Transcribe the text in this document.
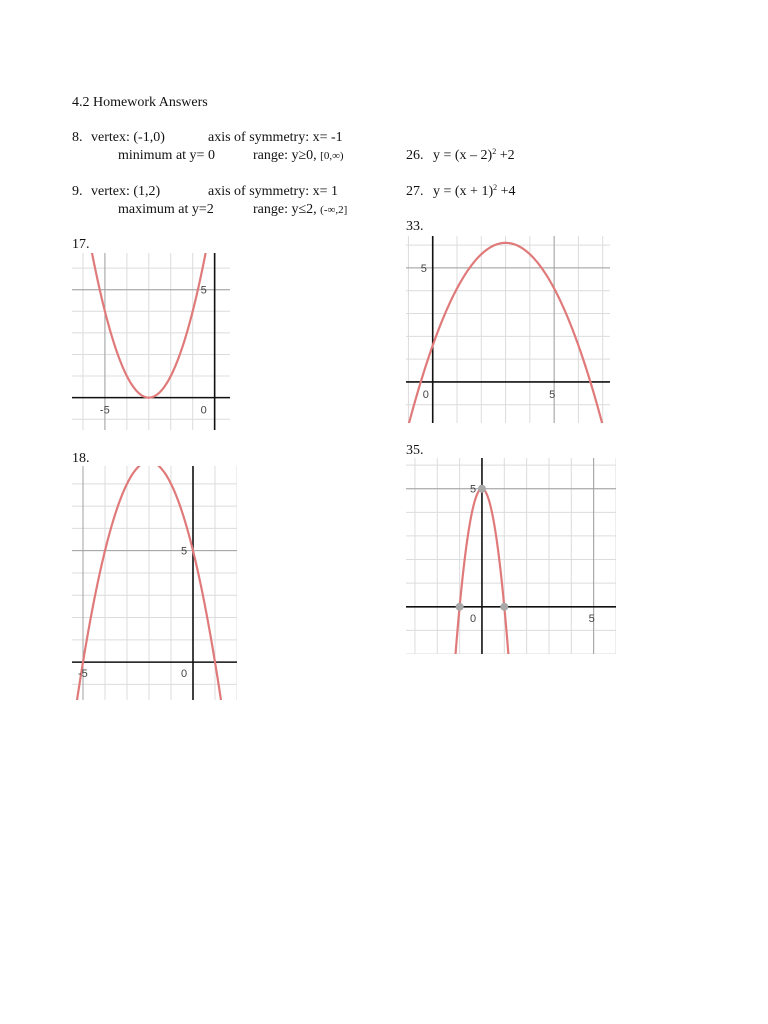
4.2 Homework Answers
8. vertex: (-1,0)	axis of symmetry: x= -1
minimum at y= 0	range: y≥0, [0,∞)
9. vertex: (1,2)	axis of symmetry: x= 1
maximum at y=2	range: y≤2, (-∞,2]
26. y = (x – 2)$^2$ +2
27. $y = (x + 1)^2 +4$
17.
18.
33.
35.
-5	0
5
-5	0
5
0	5
5
0	5
5
